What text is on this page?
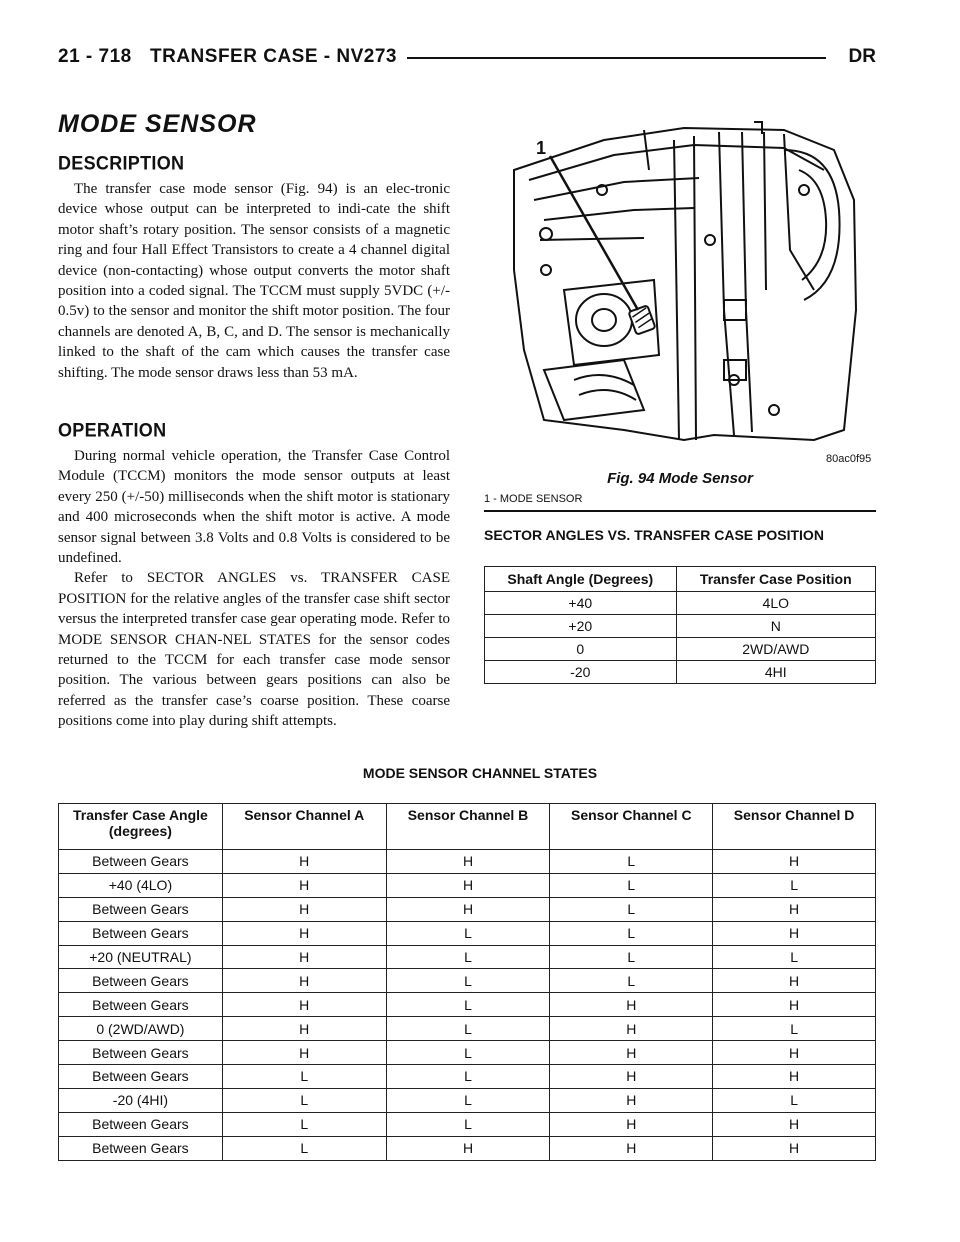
21 - 718 TRANSFER CASE - NV273	DR
MODE SENSOR
DESCRIPTION

The transfer case mode sensor (Fig. 94) is an elec-tronic device whose output can be interpreted to indi-cate the shift motor shaft’s rotary position. The sensor consists of a magnetic ring and four Hall Effect Transistors to create a 4 channel digital device (non-contacting) whose output converts the motor shaft position into a coded signal. The TCCM must supply 5VDC (+/- 0.5v) to the sensor and monitor the shift motor position. The four channels are denoted A, B, C, and D. The sensor is mechanically linked to the shaft of the cam which causes the transfer case shifting. The mode sensor draws less than 53 mA.

OPERATION

During normal vehicle operation, the Transfer Case Control Module (TCCM) monitors the mode sensor outputs at least every 250 (+/-50) milliseconds when the shift motor is stationary and 400 microseconds when the shift motor is active. A mode sensor signal between 3.8 Volts and 0.8 Volts is considered to be undefined.

Refer to SECTOR ANGLES vs. TRANSFER CASE POSITION for the relative angles of the transfer case shift sector versus the interpreted transfer case gear operating mode. Refer to MODE SENSOR CHAN-NEL STATES for the sensor codes returned to the TCCM for each transfer case mode sensor position. The various between gears positions can also be referred as the transfer case’s coarse position. These coarse positions come into play during shift attempts.

1
80ac0f95
Fig. 94 Mode Sensor
1 - MODE SENSOR
SECTOR ANGLES VS. TRANSFER CASE POSITION
Shaft Angle (Degrees)	Transfer Case Position
+40	4LO
+20	N
0	2WD/AWD
-20	4HI
MODE SENSOR CHANNEL STATES
Transfer Case Angle (degrees)	Sensor Channel A	Sensor Channel B	Sensor Channel C	Sensor Channel D
Between Gears	H	H	L	H
+40 (4LO)	H	H	L	L
Between Gears	H	H	L	H
Between Gears	H	L	L	H
+20 (NEUTRAL)	H	L	L	L
Between Gears	H	L	L	H
Between Gears	H	L	H	H
0 (2WD/AWD)	H	L	H	L
Between Gears	H	L	H	H
Between Gears	L	L	H	H
-20 (4HI)	L	L	H	L
Between Gears	L	L	H	H
Between Gears	L	H	H	H
